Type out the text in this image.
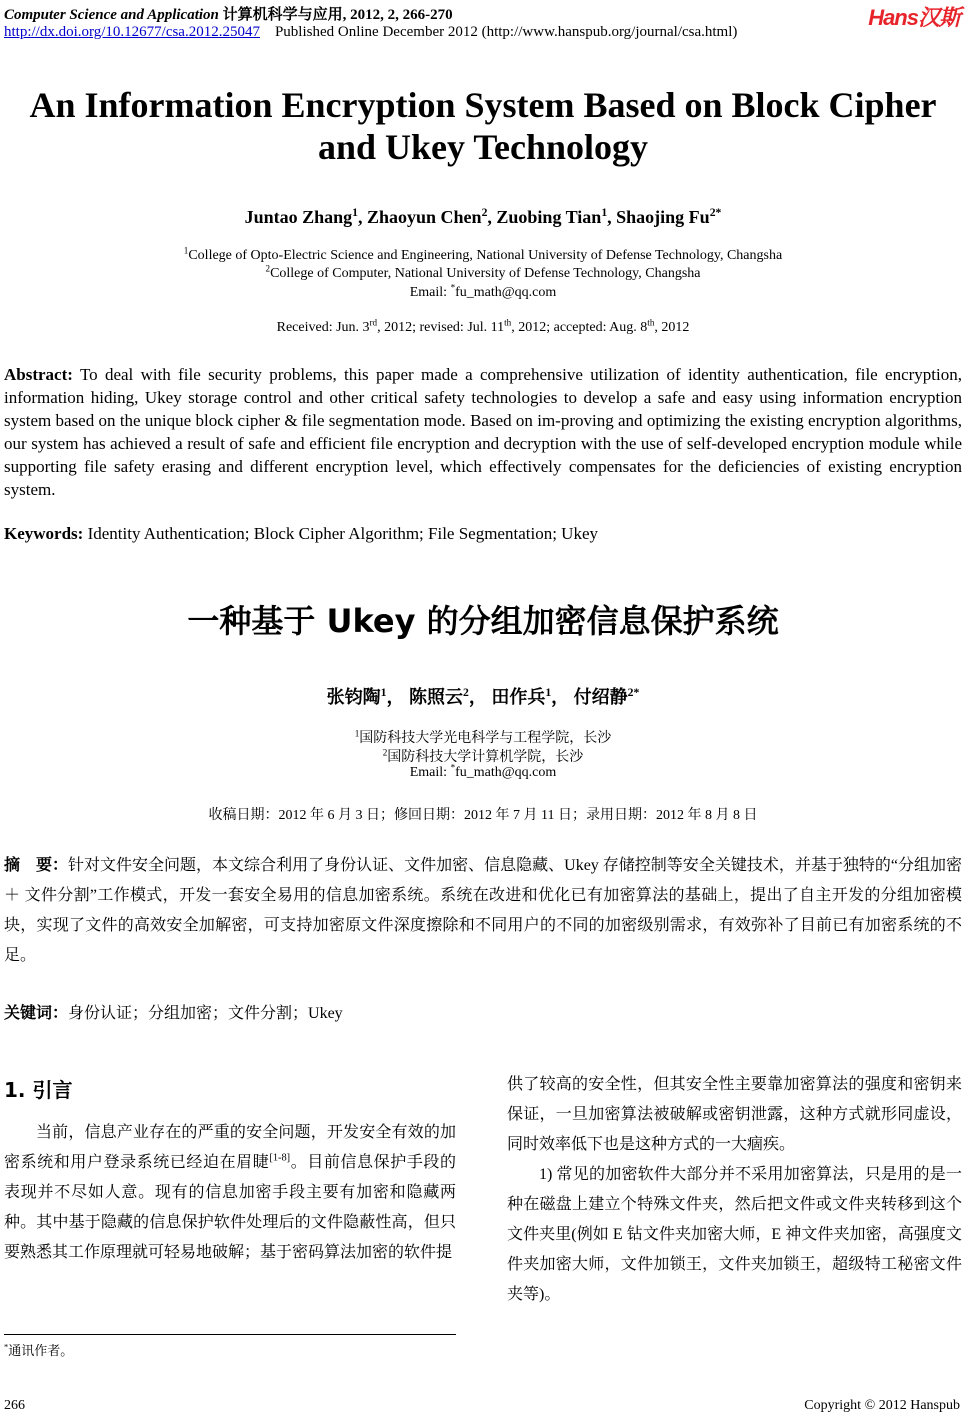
Computer Science and Application 计算机科学与应用, 2012, 2, 266-270
http://dx.doi.org/10.12677/csa.2012.25047 Published Online December 2012 (http://www.hanspub.org/journal/csa.html)
Hans汉斯
An Information Encryption System Based on Block Cipher
and Ukey Technology
Juntao Zhang$^1$, Zhaoyun Chen$^2$, Zuobing Tian$^1$, Shaojing $Fu^{2*}$
$^1$College of Opto-Electric Science and Engineering, National University of Defense Technology, Changsha
$^2$College of Computer, National University of Defense Technology, Changsha
Email: *fu_math@qq.com
Received: Jun. 3rd, 2012; revised: Jul. 11th, 2012; accepted: Aug. 8th, 2012
Abstract: To deal with file security problems, this paper made a comprehensive utilization of identity authentication, file encryption, information hiding, Ukey storage control and other critical safety technologies to develop a safe and easy using information encryption system based on the unique block cipher & file segmentation mode. Based on im-proving and optimizing the existing encryption algorithms, our system has achieved a result of safe and efficient file encryption and decryption with the use of self-developed encryption module while supporting file safety erasing and different encryption level, which effectively compensates for the deficiencies of existing encryption system.
Keywords: Identity Authentication; Block Cipher Algorithm; File Segmentation; Ukey
一种基于 Ukey 的分组加密信息保护系统
张钧陶$^1$， 陈照云$^2$， 田作兵$^1$， 付绍静$^{2*}$
$^1$国防科技大学光电科学与工程学院，长沙
$^2$国防科技大学计算机学院，长沙
Email: *fu_math@qq.com
收稿日期：2012 年 6 月 3 日；修回日期：2012 年 7 月 11 日；录用日期：2012 年 8 月 8 日
摘　要：针对文件安全问题，本文综合利用了身份认证、文件加密、信息隐藏、Ukey 存储控制等安全关键技术，并基于独特的“分组加密 ＋ 文件分割”工作模式，开发一套安全易用的信息加密系统。系统在改进和优化已有加密算法的基础上，提出了自主开发的分组加密模块，实现了文件的高效安全加解密，可支持加密原文件深度擦除和不同用户的不同的加密级别需求，有效弥补了目前已有加密系统的不足。
关键词：身份认证；分组加密；文件分割；Ukey
1. 引言

当前，信息产业存在的严重的安全问题，开发安全有效的加密系统和用户登录系统已经迫在眉睫[1-8]。目前信息保护手段的表现并不尽如人意。现有的信息加密手段主要有加密和隐藏两种。其中基于隐藏的信息保护软件处理后的文件隐蔽性高，但只要熟悉其工作原理就可轻易地破解；基于密码算法加密的软件提

供了较高的安全性，但其安全性主要靠加密算法的强度和密钥来保证，一旦加密算法被破解或密钥泄露，这种方式就形同虚设，同时效率低下也是这种方式的一大痼疾。

1) 常见的加密软件大部分并不采用加密算法，只是用的是一种在磁盘上建立个特殊文件夹，然后把文件或文件夹转移到这个文件夹里(例如 E 钻文件夹加密大师，E 神文件夹加密，高强度文件夹加密大师，文件加锁王，文件夹加锁王，超级特工秘密文件夹等)。

*通讯作者。
266	Copyright © 2012 Hanspub
